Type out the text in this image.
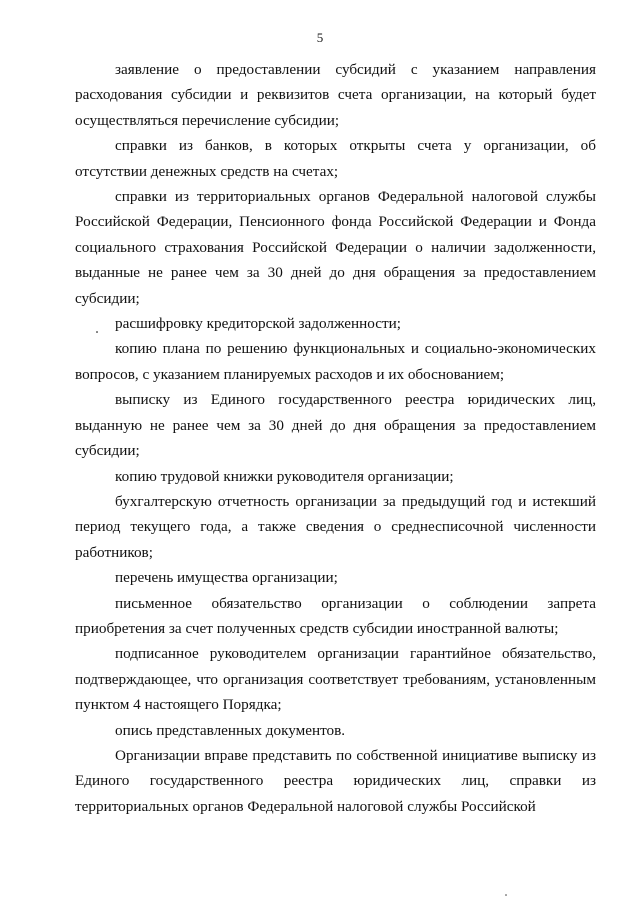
5

заявление о предоставлении субсидий с указанием направления расходования субсидии и реквизитов счета организации, на который будет осуществляться перечисление субсидии;

справки из банков, в которых открыты счета у организации, об отсутствии денежных средств на счетах;

справки из территориальных органов Федеральной налоговой службы Российской Федерации, Пенсионного фонда Российской Федерации и Фонда социального страхования Российской Федерации о наличии задолженности, выданные не ранее чем за 30 дней до дня обращения за предоставлением субсидии;

расшифровку кредиторской задолженности;

копию плана по решению функциональных и социально-экономических вопросов, с указанием планируемых расходов и их обоснованием;

выписку из Единого государственного реестра юридических лиц, выданную не ранее чем за 30 дней до дня обращения за предоставлением субсидии;

копию трудовой книжки руководителя организации;

бухгалтерскую отчетность организации за предыдущий год и истекший период текущего года, а также сведения о среднесписочной численности работников;

перечень имущества организации;

письменное обязательство организации о соблюдении запрета приобретения за счет полученных средств субсидии иностранной валюты;

подписанное руководителем организации гарантийное обязательство, подтверждающее, что организация соответствует требованиям, установленным пунктом 4 настоящего Порядка;

опись представленных документов.

Организации вправе представить по собственной инициативе выписку из Единого государственного реестра юридических лиц, справки из территориальных органов Федеральной налоговой службы Российской
